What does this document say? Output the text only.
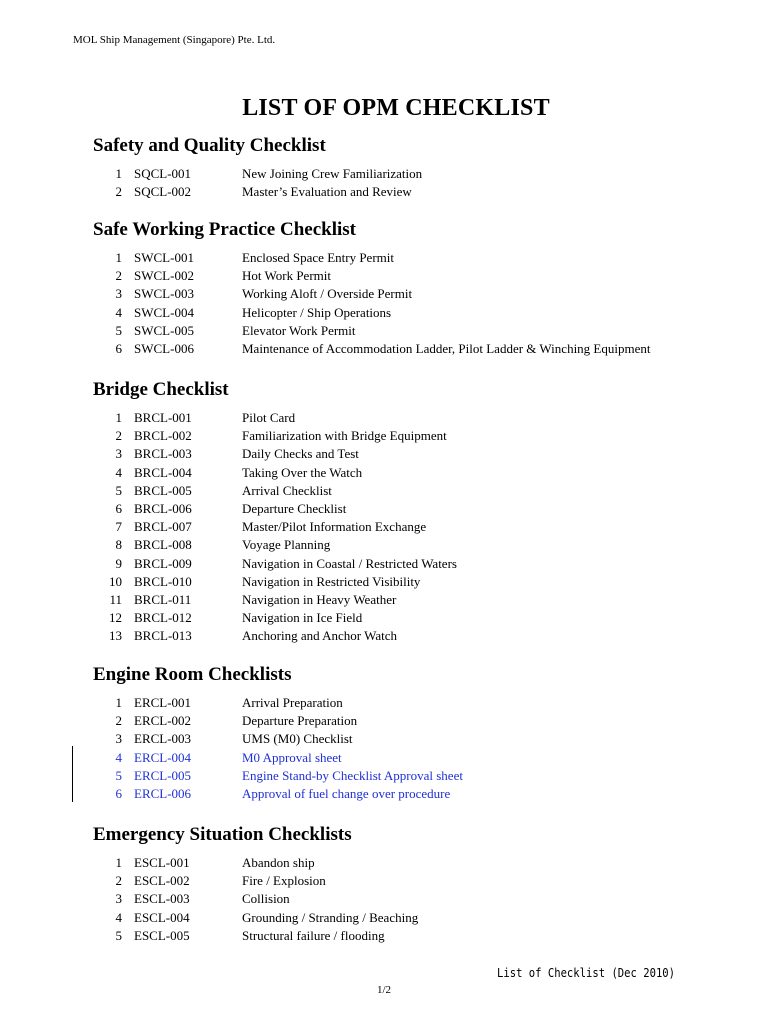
MOL Ship Management (Singapore) Pte. Ltd.
LIST OF OPM CHECKLIST
Safety and Quality Checklist
1 SQCL-001	New Joining Crew Familiarization
2 SQCL-002	Master’s Evaluation and Review
Safe Working Practice Checklist
1 SWCL-001	Enclosed Space Entry Permit
2 SWCL-002	Hot Work Permit
3 SWCL-003	Working Aloft / Overside Permit
4 SWCL-004	Helicopter / Ship Operations
5 SWCL-005	Elevator Work Permit
6 SWCL-006	Maintenance of Accommodation Ladder, Pilot Ladder & Winching Equipment
Bridge Checklist
1 BRCL-001	Pilot Card
2 BRCL-002	Familiarization with Bridge Equipment
3 BRCL-003	Daily Checks and Test
4 BRCL-004	Taking Over the Watch
5 BRCL-005	Arrival Checklist
6 BRCL-006	Departure Checklist
7 BRCL-007	Master/Pilot Information Exchange
8 BRCL-008	Voyage Planning
9 BRCL-009	Navigation in Coastal / Restricted Waters
10 BRCL-010	Navigation in Restricted Visibility
11 BRCL-011	Navigation in Heavy Weather
12 BRCL-012	Navigation in Ice Field
13 BRCL-013	Anchoring and Anchor Watch
Engine Room Checklists
1 ERCL-001	Arrival Preparation
2 ERCL-002	Departure Preparation
3 ERCL-003	UMS (M0) Checklist
4 ERCL-004	M0 Approval sheet
5 ERCL-005	Engine Stand-by Checklist Approval sheet
6 ERCL-006	Approval of fuel change over procedure
Emergency Situation Checklists
1 ESCL-001	Abandon ship
2 ESCL-002	Fire / Explosion
3 ESCL-003	Collision
4 ESCL-004	Grounding / Stranding / Beaching
5 ESCL-005	Structural failure / flooding
List of Checklist (Dec 2010)
1/2
